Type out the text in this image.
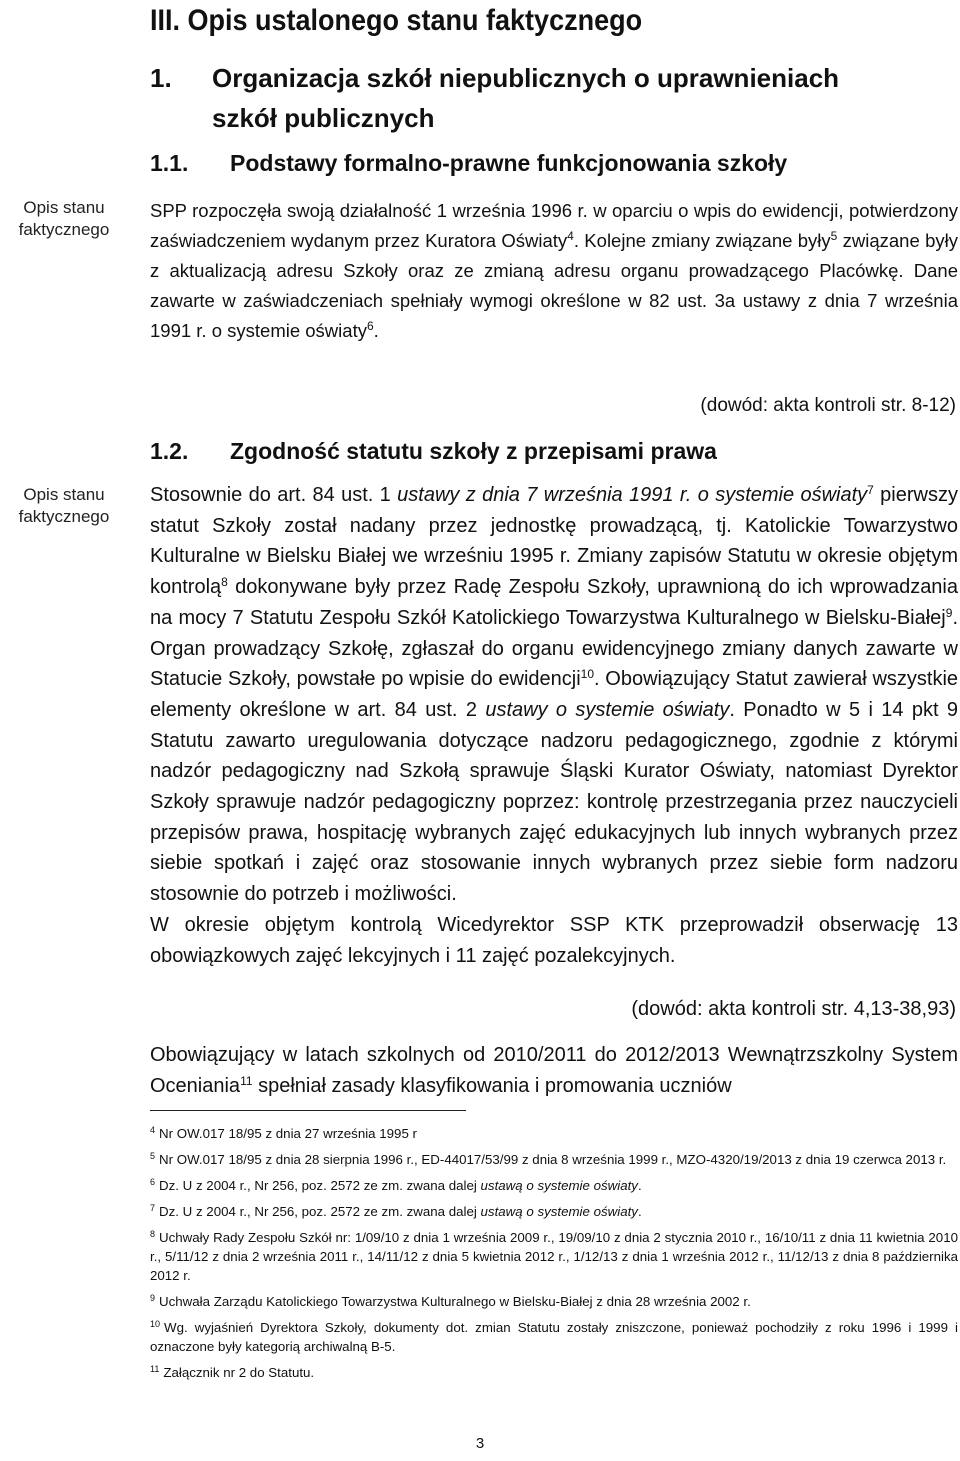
Opis stanu
faktycznego
Opis stanu
faktycznego
III. Opis ustalonego stanu faktycznego
1. Organizacja szkół niepublicznych o uprawnieniach
szkół publicznych
1.1. Podstawy formalno-prawne funkcjonowania szkoły
SPP rozpoczęła swoją działalność 1 września 1996 r. w oparciu o wpis do ewidencji, potwierdzony zaświadczeniem wydanym przez Kuratora Oświaty$^4$. Kolejne zmiany związane były$^5$ związane były z aktualizacją adresu Szkoły oraz ze zmianą adresu organu prowadzącego Placówkę. Dane zawarte w zaświadczeniach spełniały wymogi określone w 82 ust. 3a ustawy z dnia 7 września 1991 r. o systemie oświaty$^6$.
(dowód: akta kontroli str. 8-12)
1.2. Zgodność statutu szkoły z przepisami prawa
Stosownie do art. 84 ust. 1 ustawy z dnia 7 września 1991 r. o systemie oświaty$^7$ pierwszy statut Szkoły został nadany przez jednostkę prowadzącą, tj. Katolickie Towarzystwo Kulturalne w Bielsku Białej we wrześniu 1995 r. Zmiany zapisów Statutu w okresie objętym kontrolą$^8$ dokonywane były przez Radę Zespołu Szkoły, uprawnioną do ich wprowadzania na mocy 7 Statutu Zespołu Szkół Katolickiego Towarzystwa Kulturalnego w Bielsku-Białej$^9$. Organ prowadzący Szkołę, zgłaszał do organu ewidencyjnego zmiany danych zawarte w Statucie Szkoły, powstałe po wpisie do ewidencji$^{10}$. Obowiązujący Statut zawierał wszystkie elementy określone w art. 84 ust. 2 ustawy o systemie oświaty. Ponadto w 5 i 14 pkt 9 Statutu zawarto uregulowania dotyczące nadzoru pedagogicznego, zgodnie z którymi nadzór pedagogiczny nad Szkołą sprawuje Śląski Kurator Oświaty, natomiast Dyrektor Szkoły sprawuje nadzór pedagogiczny poprzez: kontrolę przestrzegania przez nauczycieli przepisów prawa, hospitację wybranych zajęć edukacyjnych lub innych wybranych przez siebie spotkań i zajęć oraz stosowanie innych wybranych przez siebie form nadzoru stosownie do potrzeb i możliwości.
W okresie objętym kontrolą Wicedyrektor SSP KTK przeprowadził obserwację 13 obowiązkowych zajęć lekcyjnych i 11 zajęć pozalekcyjnych.
(dowód: akta kontroli str. 4,13-38,93)
Obowiązujący w latach szkolnych od 2010/2011 do 2012/2013 Wewnątrzszkolny System Oceniania$^{11}$ spełniał zasady klasyfikowania i promowania uczniów
$^4$ Nr OW.017 18/95 z dnia 27 września 1995 r
$^5$ Nr OW.017 18/95 z dnia 28 sierpnia 1996 r., ED-44017/53/99 z dnia 8 września 1999 r., MZO-4320/19/2013 z dnia 19 czerwca 2013 r.
$^6$ Dz. U z 2004 r., Nr 256, poz. 2572 ze zm. zwana dalej ustawą o systemie oświaty.
$^7$ Dz. U z 2004 r., Nr 256, poz. 2572 ze zm. zwana dalej ustawą o systemie oświaty.
$^8$ Uchwały Rady Zespołu Szkół nr: 1/09/10 z dnia 1 września 2009 r., 19/09/10 z dnia 2 stycznia 2010 r., 16/10/11 z dnia 11 kwietnia 2010 r., 5/11/12 z dnia 2 września 2011 r., 14/11/12 z dnia 5 kwietnia 2012 r., 1/12/13 z dnia 1 września 2012 r., 11/12/13 z dnia 8 października 2012 r.
$^9$ Uchwała Zarządu Katolickiego Towarzystwa Kulturalnego w Bielsku-Białej z dnia 28 września 2002 r.
$^{10}$ Wg. wyjaśnień Dyrektora Szkoły, dokumenty dot. zmian Statutu zostały zniszczone, ponieważ pochodziły z roku 1996 i 1999 i oznaczone były kategorią archiwalną B-5.
$^{11}$ Załącznik nr 2 do Statutu.
3
